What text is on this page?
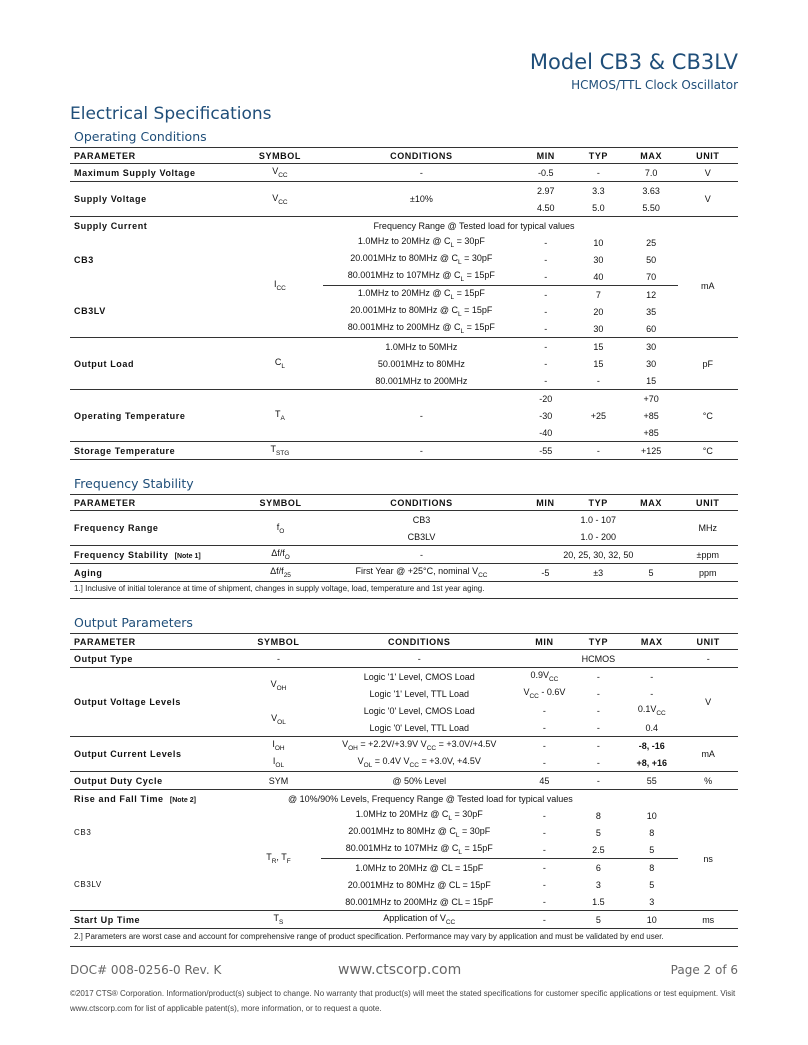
Model CB3 & CB3LV
HCMOS/TTL Clock Oscillator
Electrical Specifications
Operating Conditions
PARAMETER	SYMBOL	CONDITIONS	MIN	TYP	MAX	UNIT
Maximum Supply Voltage	$V_{CC}$	-	-0.5	-	7.0	V
Supply Voltage	$V_{CC}$	±10%	2.97	3.3	3.63	V
			4.50	5.0	5.50	
Supply Current		Frequency Range @ Tested load for typical values				
CB3	$I_{CC}$	1.0MHz to 20MHz @ $C_L = 30pF$	-	10	25	mA
		20.001MHz to 80MHz @ $C_L = 30pF$	-	30	50	
		80.001MHz to 107MHz @ $C_L = 15pF$	-	40	70	
CB3LV		1.0MHz to 20MHz @ $C_L = 15pF$	-	7	12	
		20.001MHz to 80MHz @ $C_L = 15pF$	-	20	35	
		80.001MHz to 200MHz @ $C_L = 15pF$	-	30	60	
Output Load	$C_L$	1.0MHz to 50MHz	-	15	30	pF
		50.001MHz to 80MHz	-	15	30	
		80.001MHz to 200MHz	-	-	15	
Operating Temperature	$T_A$	-	-20	+25	+70	°C
			-30		+85	
			-40		+85	
Storage Temperature	$T_{STG}$	-	-55	-	+125	°C
Frequency Stability
PARAMETER	SYMBOL	CONDITIONS	MIN	TYP	MAX	UNIT
Frequency Range	$f_O$	CB3	1.0 - 107			MHz
		CB3LV	1.0 - 200			
Frequency Stability [Note 1]	$\Delta f/f_O$	-	20, 25, 30, 32, 50			±ppm
Aging	$\Delta f/f_{25}$	First Year @ +25°C, nominal $V_{CC}$	-5	±3	5	ppm
1.] Inclusive of initial tolerance at time of shipment, changes in supply voltage, load, temperature and 1st year aging.
Output Parameters
PARAMETER	SYMBOL	CONDITIONS	MIN	TYP	MAX	UNIT
Output Type	-	-		HCMOS		-
Output Voltage Levels	$V_{OH}$	Logic '1' Level, CMOS Load	$0.9V_{CC}$	-	-	V
		Logic '1' Level, TTL Load	$V_{CC} - 0.6V$	-	-	
	$V_{OL}$	Logic '0' Level, CMOS Load	-	-	$0.1V_{CC}$
		Logic '0' Level, TTL Load	-	-	0.4	
Output Current Levels	$I_{OH}$	$V_{OH} = +2.2V/+3.9V$ $V_{CC} = +3.0V/+4.5V$	-	-	-8, -16	mA
	$I_{OL}$	$V_{OL} = 0.4V$ $V_{CC} = +3.0V$, +4.5V	-	-	+8, +16	
Output Duty Cycle	SYM	@ 50% Level	45	-	55	%
Rise and Fall Time [Note 2]	@ 10%/90% Levels, Frequency Range @ Tested load for typical values					
CB3	$T_R$, $T_F$	1.0MHz to 20MHz @ $C_L = 30pF$	-	8	10	ns
		20.001MHz to 80MHz @ $C_L = 30pF$	-	5	8	
		80.001MHz to 107MHz @ $C_L = 15pF$	-	2.5	5	
CB3LV		1.0MHz to 20MHz @ CL = 15pF	-	6	8	
		20.001MHz to 80MHz @ CL = 15pF	-	3	5	
		80.001MHz to 200MHz @ CL = 15pF	-	1.5	3	
Start Up Time	$T_S$	Application of $V_{CC}$	-	5	10	ms
2.] Parameters are worst case and account for comprehensive range of product specification. Performance may vary by application and must be validated by end user.
DOC# 008-0256-0 Rev. K	www.ctscorp.com	Page 2 of 6
©2017 CTS® Corporation. Information/product(s) subject to change. No warranty that product(s) will meet the stated specifications for customer specific applications or test equipment. Visit www.ctscorp.com for list of applicable patent(s), more information, or to request a quote.
